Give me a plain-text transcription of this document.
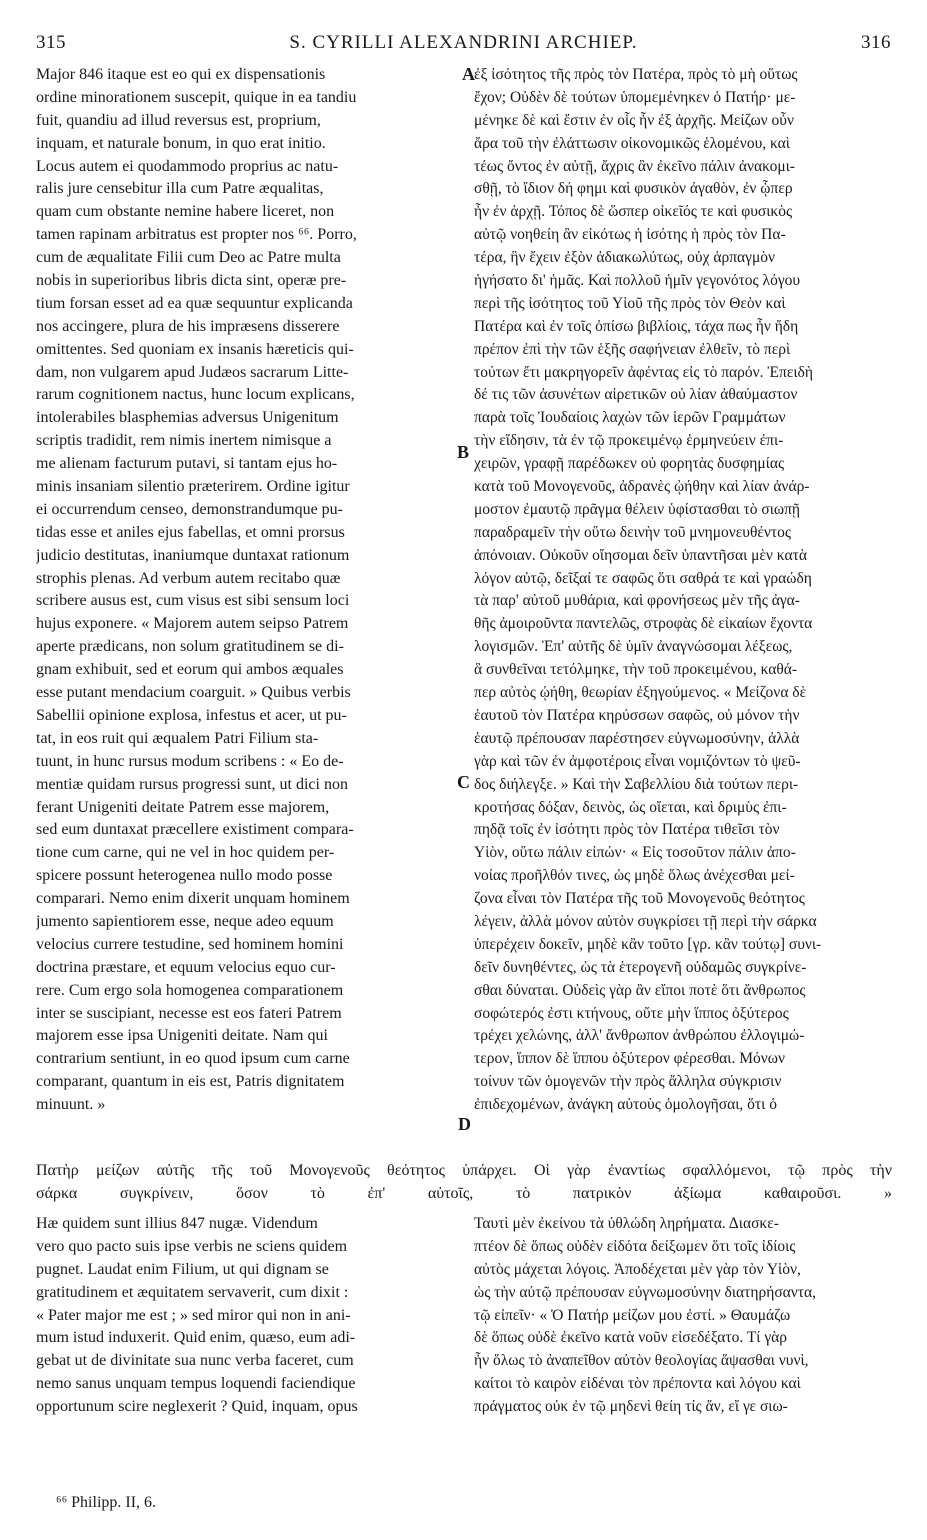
315	S. CYRILLI ALEXANDRINI ARCHIEP.	316
Major 846 itaque est eo qui ex dispensationis
ordine minorationem suscepit, quique in ea tandiu
fuit, quandiu ad illud reversus est, proprium,
inquam, et naturale bonum, in quo erat initio.
Locus autem ei quodammodo proprius ac natu-
ralis jure censebitur illa cum Patre æqualitas,
quam cum obstante nemine habere liceret, non
tamen rapinam arbitratus est propter nos ⁶⁶. Porro,
cum de æqualitate Filii cum Deo ac Patre multa
nobis in superioribus libris dicta sint, operæ pre-
tium forsan esset ad ea quæ sequuntur explicanda
nos accingere, plura de his impræsens disserere
omittentes. Sed quoniam ex insanis hæreticis qui-
dam, non vulgarem apud Judæos sacrarum Litte-
rarum cognitionem nactus, hunc locum explicans,
intolerabiles blasphemias adversus Unigenitum
scriptis tradidit, rem nimis inertem nimisque a
me alienam facturum putavi, si tantam ejus ho-
minis insaniam silentio præterirem. Ordine igitur
ei occurrendum censeo, demonstrandumque pu-
tidas esse et aniles ejus fabellas, et omni prorsus
judicio destitutas, inaniumque duntaxat rationum
strophis plenas. Ad verbum autem recitabo quæ
scribere ausus est, cum visus est sibi sensum loci
hujus exponere. « Majorem autem seipso Patrem
aperte prædicans, non solum gratitudinem se di-
gnam exhibuit, sed et eorum qui ambos æquales
esse putant mendacium coarguit. » Quibus verbis
Sabellii opinione explosa, infestus et acer, ut pu-
tat, in eos ruit qui æqualem Patri Filium sta-
tuunt, in hunc rursus modum scribens : « Eo de-
mentiæ quidam rursus progressi sunt, ut dici non
ferant Unigeniti deitate Patrem esse majorem,
sed eum duntaxat præcellere existiment compara-
tione cum carne, qui ne vel in hoc quidem per-
spicere possunt heterogenea nullo modo posse
comparari. Nemo enim dixerit unquam hominem
jumento sapientiorem esse, neque adeo equum
velocius currere testudine, sed hominem homini
doctrina præstare, et equum velocius equo cur-
rere. Cum ergo sola homogenea comparationem
inter se suscipiant, necesse est eos fateri Patrem
majorem esse ipsa Unigeniti deitate. Nam qui
contrarium sentiunt, in eo quod ipsum cum carne
comparant, quantum in eis est, Patris dignitatem
minuunt. »
ἐξ ἰσότητος τῆς πρὸς τὸν Πατέρα, πρὸς τὸ μὴ οὕτως
ἔχον; Οὐδὲν δὲ τούτων ὑπομεμένηκεν ὁ Πατήρ· με-
μένηκε δὲ καὶ ἔστιν ἐν οἷς ἦν ἐξ ἀρχῆς. Μείζων οὖν
ἄρα τοῦ τὴν ἐλάττωσιν οἰκονομικῶς ἑλομένου, καὶ
τέως ὄντος ἐν αὐτῇ, ἄχρις ἂν ἐκεῖνο πάλιν ἀνακομι-
σθῇ, τὸ ἴδιον δή φημι καὶ φυσικὸν ἀγαθὸν, ἐν ᾧπερ
ἦν ἐν ἀρχῇ. Τόπος δὲ ὥσπερ οἰκεῖός τε καὶ φυσικὸς
αὐτῷ νοηθείη ἂν εἰκότως ἡ ἰσότης ἡ πρὸς τὸν Πα-
τέρα, ἣν ἔχειν ἐξὸν ἀδιακωλύτως, οὐχ ἁρπαγμὸν
ἡγήσατο δι' ἡμᾶς. Καὶ πολλοῦ ἡμῖν γεγονότος λόγου
περὶ τῆς ἰσότητος τοῦ Υἱοῦ τῆς πρὸς τὸν Θεὸν καὶ
Πατέρα καὶ ἐν τοῖς ὀπίσω βιβλίοις, τάχα πως ἦν ἤδη
πρέπον ἐπὶ τὴν τῶν ἑξῆς σαφήνειαν ἐλθεῖν, τὸ περὶ
τούτων ἔτι μακρηγορεῖν ἀφέντας εἰς τὸ παρόν. Ἐπειδὴ
δέ τις τῶν ἀσυνέτων αἱρετικῶν οὐ λίαν ἀθαύμαστον
παρὰ τοῖς Ἰουδαίοις λαχὼν τῶν ἱερῶν Γραμμάτων
τὴν εἴδησιν, τὰ ἐν τῷ προκειμένῳ ἑρμηνεύειν ἐπι-
χειρῶν, γραφῇ παρέδωκεν οὐ φορητὰς δυσφημίας
κατὰ τοῦ Μονογενοῦς, ἀδρανὲς ᾠήθην καὶ λίαν ἀνάρ-
μοστον ἐμαυτῷ πρᾶγμα θέλειν ὑφίστασθαι τὸ σιωπῇ
παραδραμεῖν τὴν οὕτω δεινὴν τοῦ μνημονευθέντος
ἀπόνοιαν. Οὐκοῦν οἴησομαι δεῖν ὑπαντῆσαι μὲν κατὰ
λόγον αὐτῷ, δεῖξαί τε σαφῶς ὅτι σαθρά τε καὶ γραώδη
τὰ παρ' αὐτοῦ μυθάρια, καὶ φρονήσεως μὲν τῆς ἀγα-
θῆς ἀμοιροῦντα παντελῶς, στροφὰς δὲ εἰκαίων ἔχοντα
λογισμῶν. Ἐπ' αὐτῆς δὲ ὑμῖν ἀναγνώσομαι λέξεως,
ἃ συνθεῖναι τετόλμηκε, τὴν τοῦ προκειμένου, καθά-
περ αὐτὸς ᾠήθη, θεωρίαν ἐξηγούμενος. « Μείζονα δὲ
ἑαυτοῦ τὸν Πατέρα κηρύσσων σαφῶς, οὐ μόνον τὴν
ἑαυτῷ πρέπουσαν παρέστησεν εὐγνωμοσύνην, ἀλλὰ
γὰρ καὶ τῶν ἐν ἀμφοτέροις εἶναι νομιζόντων τὸ ψεῦ-
δος διήλεγξε. » Καὶ τὴν Σαβελλίου διὰ τούτων περι-
κροτήσας δόξαν, δεινὸς, ὡς οἴεται, καὶ δριμὺς ἐπι-
πηδᾷ τοῖς ἐν ἰσότητι πρὸς τὸν Πατέρα τιθεῖσι τὸν
Υἱὸν, οὕτω πάλιν εἰπών· « Εἰς τοσοῦτον πάλιν ἀπο-
νοίας προῆλθόν τινες, ὡς μηδὲ ὅλως ἀνέχεσθαι μεί-
ζονα εἶναι τὸν Πατέρα τῆς τοῦ Μονογενοῦς θεότητος
λέγειν, ἀλλὰ μόνον αὐτὸν συγκρίσει τῇ περὶ τὴν σάρκα
ὑπερέχειν δοκεῖν, μηδὲ κἂν τοῦτο [γρ. κἂν τούτῳ] συνι-
δεῖν δυνηθέντες, ὡς τὰ ἑτερογενῆ οὐδαμῶς συγκρίνε-
σθαι δύναται. Οὐδεὶς γὰρ ἂν εἴποι ποτὲ ὅτι ἄνθρωπος
σοφώτερός ἐστι κτήνους, οὔτε μὴν ἵππος ὀξύτερος
τρέχει χελώνης, ἀλλ' ἄνθρωπον ἀνθρώπου ἐλλογιμώ-
τερον, ἵππον δὲ ἵππου ὀξύτερον φέρεσθαι. Μόνων
τοίνυν τῶν ὁμογενῶν τὴν πρὸς ἄλληλα σύγκρισιν
ἐπιδεχομένων, ἀνάγκη αὐτοὺς ὁμολογῆσαι, ὅτι ὁ
A
B
C
D
Πατὴρ μείζων αὐτῆς τῆς τοῦ Μονογενοῦς θεότητος ὑπάρχει. Οἱ γὰρ ἐναντίως σφαλλόμενοι, τῷ πρὸς τὴν
σάρκα συγκρίνειν, ὅσον τὸ ἐπ' αὐτοῖς, τὸ πατρικὸν ἀξίωμα καθαιροῦσι. »
Hæ quidem sunt illius 847 nugæ. Videndum
vero quo pacto suis ipse verbis ne sciens quidem
pugnet. Laudat enim Filium, ut qui dignam se
gratitudinem et æquitatem servaverit, cum dixit :
« Pater major me est ; » sed miror qui non in ani-
mum istud induxerit. Quid enim, quæso, eum adi-
gebat ut de divinitate sua nunc verba faceret, cum
nemo sanus unquam tempus loquendi faciendique
opportunum scire neglexerit ? Quid, inquam, opus
Ταυτὶ μὲν ἐκείνου τὰ ὑθλώδη ληρήματα. Διασκε-
πτέον δὲ ὅπως οὐδὲν εἰδότα δείξωμεν ὅτι τοῖς ἰδίοις
αὐτὸς μάχεται λόγοις. Ἀποδέχεται μὲν γὰρ τὸν Υἱὸν,
ὡς τὴν αὐτῷ πρέπουσαν εὐγνωμοσύνην διατηρήσαντα,
τῷ εἰπεῖν· « Ὁ Πατήρ μείζων μου ἐστί. » Θαυμάζω
δὲ ὅπως οὐδὲ ἐκεῖνο κατὰ νοῦν εἰσεδέξατο. Τί γὰρ
ἦν ὅλως τὸ ἀναπεῖθον αὐτὸν θεολογίας ἅψασθαι νυνὶ,
καίτοι τὸ καιρὸν εἰδέναι τὸν πρέποντα καὶ λόγου καὶ
πράγματος οὐκ ἐν τῷ μηδενὶ θείη τίς ἄν, εἴ γε σιω-
⁶⁶ Philipp. II, 6.
